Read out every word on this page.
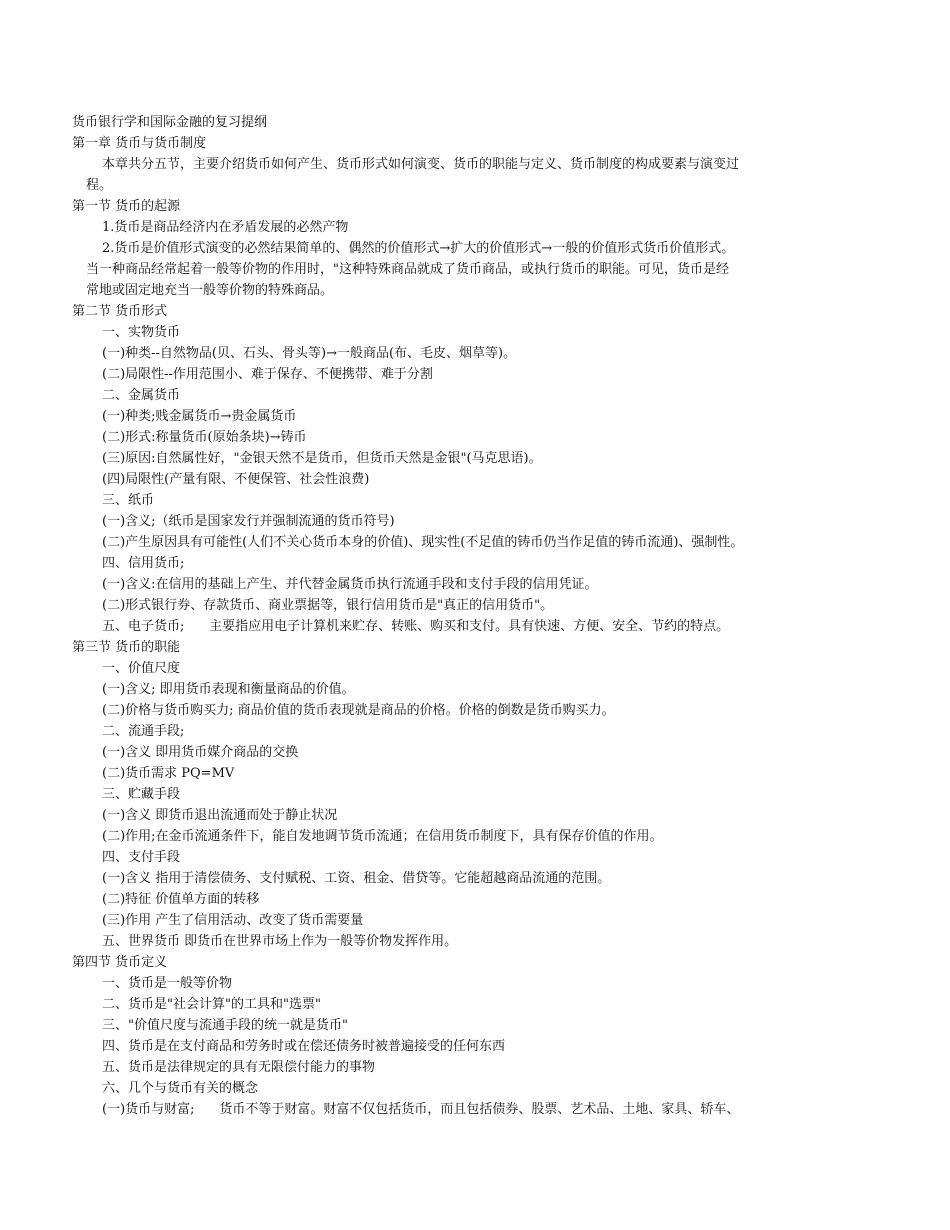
货币银行学和国际金融的复习提纲

第一章 货币与货币制度

本章共分五节，主要介绍货币如何产生、货币形式如何演变、货币的职能与定义、货币制度的构成要素与演变过

程。

第一节 货币的起源

1.货币是商品经济内在矛盾发展的必然产物

2.货币是价值形式演变的必然结果简单的、偶然的价值形式→扩大的价值形式→一般的价值形式货币价值形式。

当一种商品经常起着一般等价物的作用时，"这种特殊商品就成了货币商品，或执行货币的职能。可见，货币是经

常地或固定地充当一般等价物的特殊商品。

第二节 货币形式

一、实物货币

(一)种类--自然物品(贝、石头、骨头等)→一般商品(布、毛皮、烟草等)。

(二)局限性--作用范围小、难于保存、不便携带、难于分割

二、金属货币

(一)种类;贱金属货币→贵金属货币

(二)形式:称量货币(原始条块)→铸币

(三)原因:自然属性好，"金银天然不是货币，但货币天然是金银"(马克思语)。

(四)局限性(产量有限、不便保管、社会性浪费)

三、纸币

(一)含义;（纸币是国家发行并强制流通的货币符号)

(二)产生原因具有可能性(人们不关心货币本身的价值)、现实性(不足值的铸币仍当作足值的铸币流通)、强制性。

四、信用货币;

(一)含义:在信用的基础上产生、并代替金属货币执行流通手段和支付手段的信用凭证。

(二)形式银行券、存款货币、商业票据等，银行信用货币是"真正的信用货币"。

五、电子货币;      主要指应用电子计算机来贮存、转账、购买和支付。具有快速、方便、安全、节约的特点。

第三节 货币的职能

一、价值尺度

(一)含义; 即用货币表现和衡量商品的价值。

(二)价格与货币购买力; 商品价值的货币表现就是商品的价格。价格的倒数是货币购买力。

二、流通手段;

(一)含义 即用货币媒介商品的交换

(二)货币需求 PQ=MV

三、贮藏手段

(一)含义 即货币退出流通而处于静止状况

(二)作用;在金币流通条件下，能自发地调节货币流通；在信用货币制度下，具有保存价值的作用。

四、支付手段

(一)含义 指用于清偿债务、支付赋税、工资、租金、借贷等。它能超越商品流通的范围。

(二)特征 价值单方面的转移

(三)作用 产生了信用活动、改变了货币需要量

五、世界货币 即货币在世界市场上作为一般等价物发挥作用。

第四节 货币定义

一、货币是一般等价物

二、货币是"社会计算"的工具和"选票"

三、"价值尺度与流通手段的统一就是货币"

四、货币是在支付商品和劳务时或在偿还债务时被普遍接受的任何东西

五、货币是法律规定的具有无限偿付能力的事物

六、几个与货币有关的概念

(一)货币与财富;      货币不等于财富。财富不仅包括货币，而且包括债券、股票、艺术品、土地、家具、轿车、
